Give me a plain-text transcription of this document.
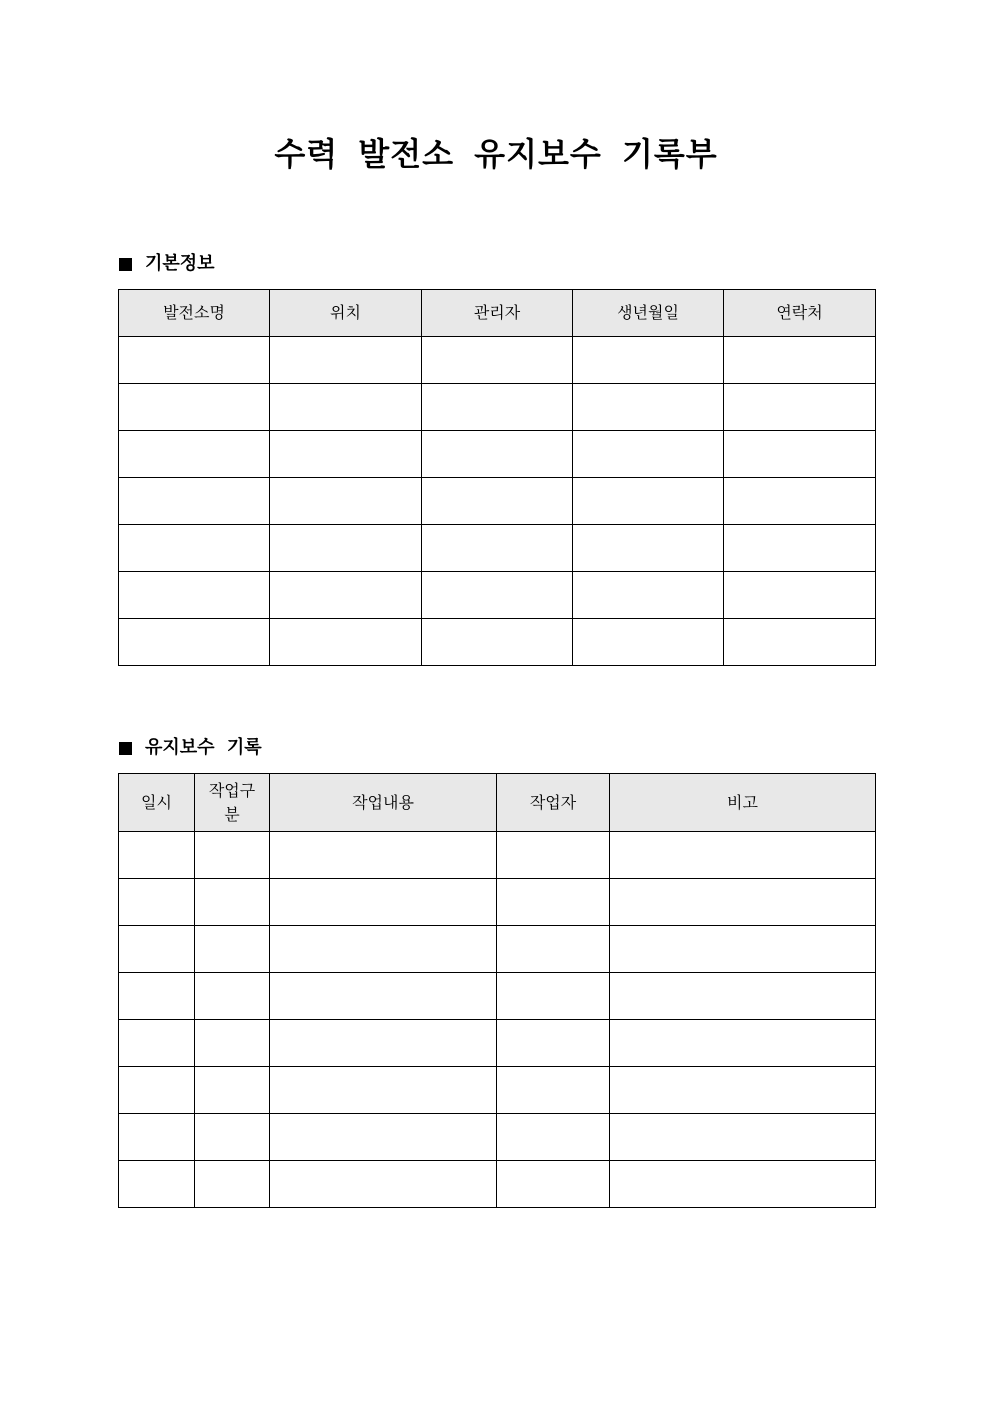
수력 발전소 유지보수 기록부
기본정보
발전소명	위치	관리자	생년월일	연락처

유지보수 기록
일시	작업구분	작업내용	작업자	비고
